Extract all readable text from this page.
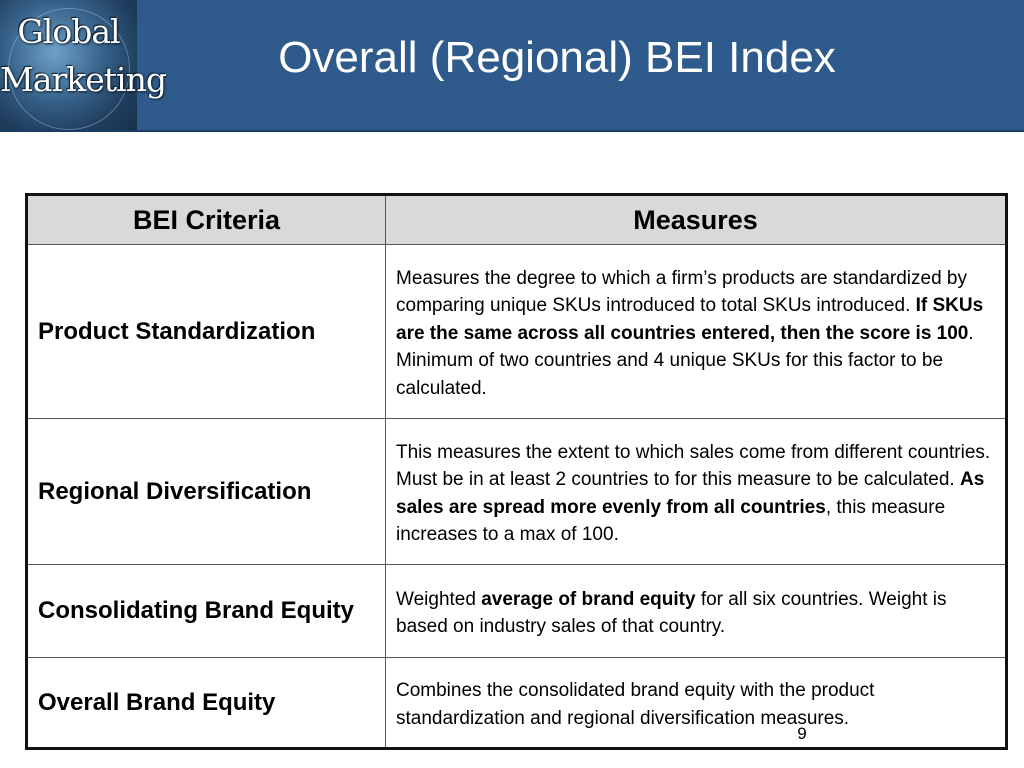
Global
Marketing	Overall (Regional) BEI Index
BEI Criteria	Measures
Product Standardization	Measures the degree to which a firm’s products are standardized by comparing unique SKUs introduced to total SKUs introduced. If SKUs are the same across all countries entered, then the score is 100. Minimum of two countries and 4 unique SKUs for this factor to be calculated.
Regional Diversification	This measures the extent to which sales come from different countries. Must be in at least 2 countries to for this measure to be calculated. As sales are spread more evenly from all countries, this measure increases to a max of 100.
Consolidating Brand Equity	Weighted average of brand equity for all six countries. Weight is based on industry sales of that country.
Overall Brand Equity	Combines the consolidated brand equity with the product standardization and regional diversification measures.
9
